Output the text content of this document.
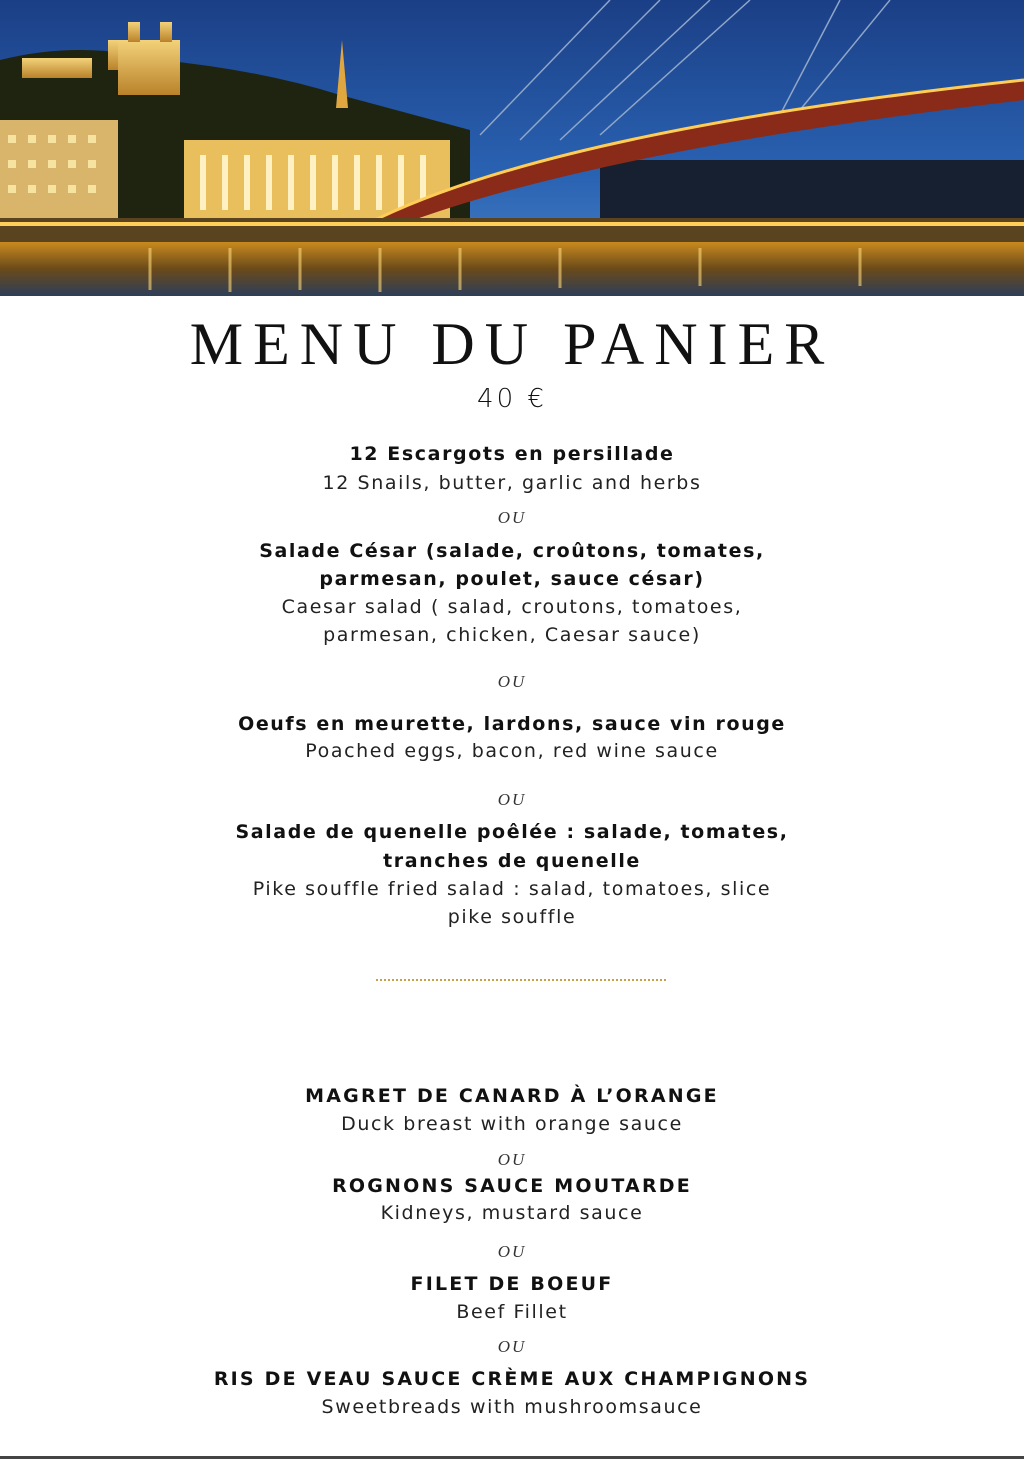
MENU DU PANIER
40 €
12 Escargots en persillade
12 Snails, butter, garlic and herbs
OU
Salade César (salade, croûtons, tomates,
parmesan, poulet, sauce césar)
Caesar salad ( salad, croutons, tomatoes,
parmesan, chicken, Caesar sauce)
OU
Oeufs en meurette, lardons, sauce vin rouge
Poached eggs, bacon, red wine sauce
OU
Salade de quenelle poêlée : salade, tomates,
tranches de quenelle
Pike souffle fried salad : salad, tomatoes, slice
pike souffle
MAGRET DE CANARD À L’ORANGE
Duck breast with orange sauce
OU
ROGNONS SAUCE MOUTARDE
Kidneys, mustard sauce
OU
FILET DE BOEUF
Beef Fillet
OU
RIS DE VEAU SAUCE CRÈME AUX CHAMPIGNONS
Sweetbreads with mushroomsauce
